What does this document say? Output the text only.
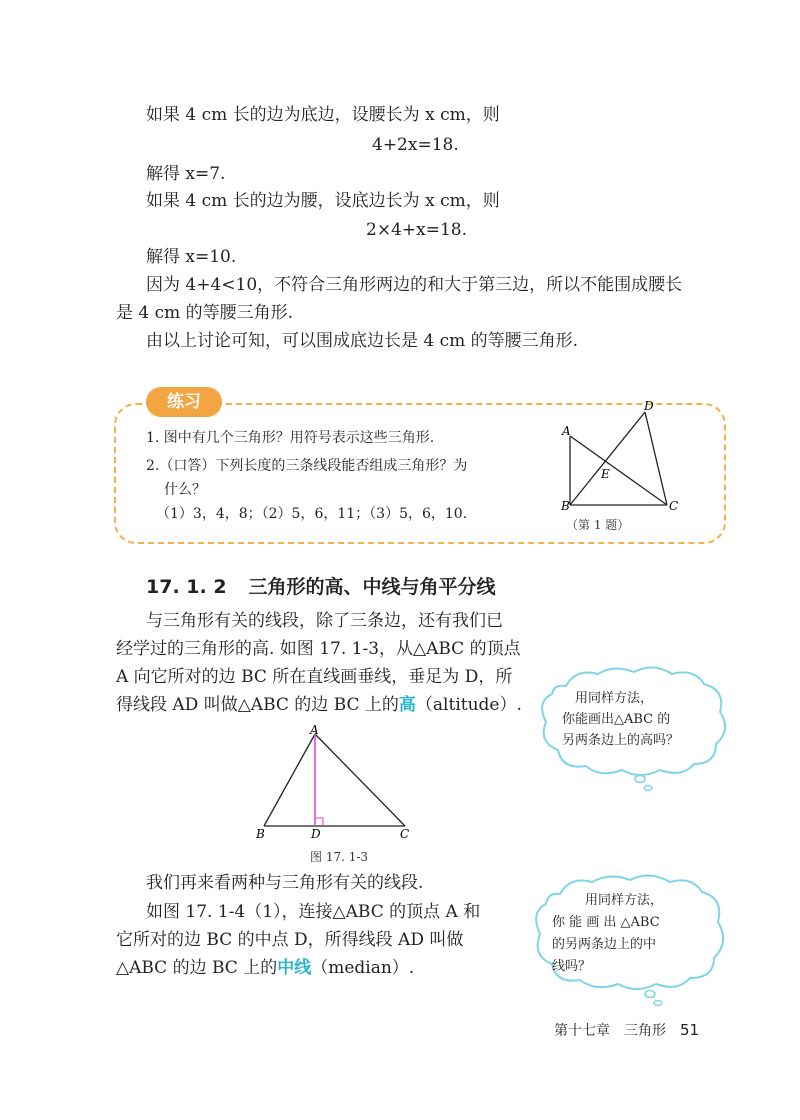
如果 4 cm 长的边为底边，设腰长为 x cm，则
4+2x=18.
解得 x=7.
如果 4 cm 长的边为腰，设底边长为 x cm，则
2×4+x=18.
解得 x=10.
因为 4+4<10，不符合三角形两边的和大于第三边，所以不能围成腰长
是 4 cm 的等腰三角形.
由以上讨论可知，可以围成底边长是 4 cm 的等腰三角形.
练习
1. 图中有几个三角形？用符号表示这些三角形.
2.（口答）下列长度的三条线段能否组成三角形？为
什么？
（1）3，4，8；（2）5，6，11；（3）5，6，10.
A
B	C
D
E
（第 1 题）
17. 1. 2 三角形的高、中线与角平分线
与三角形有关的线段，除了三条边，还有我们已
经学过的三角形的高. 如图 17. 1-3，从△ABC 的顶点
A 向它所对的边 BC 所在直线画垂线，垂足为 D，所
得线段 AD 叫做△ABC 的边 BC 上的高（altitude）.
A
B	C
D
图 17. 1-3
我们再来看两种与三角形有关的线段.
如图 17. 1-4（1），连接△ABC 的顶点 A 和
它所对的边 BC 的中点 D，所得线段 AD 叫做
△ABC 的边 BC 上的中线（median）.
用同样方法，
你能画出△ABC 的
另两条边上的高吗？
用同样方法，
你 能 画 出 △ABC
的另两条边上的中
线吗？
第十七章　三角形 51
